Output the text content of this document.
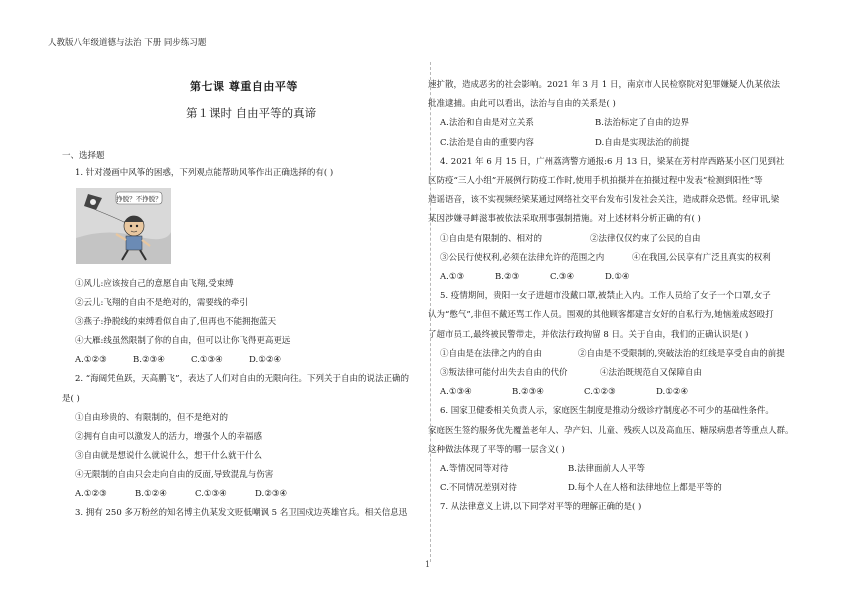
人教版八年级道德与法治 下册 同步练习题
第七课 尊重自由平等
第１课时 自由平等的真谛
一、选择题
1. 针对漫画中风筝的困惑，下列观点能帮助风筝作出正确选择的有( )
挣脱？不挣脱？

①风儿:应该按自己的意愿自由飞翔,受束缚

②云儿:飞翔的自由不是绝对的，需要线的牵引

③燕子:挣脱线的束缚看似自由了,但再也不能拥抱蓝天

④大雁:线虽然限制了你的自由，但可以让你飞得更高更远

A.①②③	B.②③④	C.①③④	D.①②④

2. “海阔凭鱼跃，天高鹏飞”，表达了人们对自由的无限向往。下列关于自由的说法正确的

是( )

①自由珍贵的、有限制的，但不是绝对的

②拥有自由可以激发人的活力，增强个人的幸福感

③自由就是想说什么就说什么，想干什么就干什么

④无限制的自由只会走向自由的反面,导致混乱与伤害

A.①②③	B.①②④	C.①③④	D.②③④

3. 拥有 250 多万粉丝的知名博主仇某发文贬低嘲讽 5 名卫国戍边英雄官兵。相关信息迅

速扩散，造成恶劣的社会影响。2021 年 3 月 1 日，南京市人民检察院对犯罪嫌疑人仇某依法

批准逮捕。由此可以看出，法治与自由的关系是( )

A.法治和自由是对立关系	B.法治标定了自由的边界

C.法治是自由的重要内容	D.自由是实现法治的前提

4. 2021 年 6 月 15 日，广州荔湾警方通报:6 月 13 日，梁某在芳村岸西路某小区门见到社

区防疫“三人小组”开展例行防疫工作时,使用手机拍摄并在拍摄过程中发表“检测到阳性”等

造谣语音，该不实视频经梁某通过网络社交平台发布引发社会关注，造成群众恐慌。经审讯,梁

某因涉嫌寻衅滋事被依法采取刑事强制措施。对上述材料分析正确的有( )

①自由是有限制的、相对的	②法律仅仅约束了公民的自由

③公民行使权利,必须在法律允许的范围之内	④在我国,公民享有广泛且真实的权利

A.①③	B.②③	C.③④	D.①④

5. 疫情期间，贵阳一女子进超市没戴口罩,被禁止入内。工作人员给了女子一个口罩,女子

认为“憋气”,非但不戴还骂工作人员。围观的其他顾客都建言女好的自私行为,她恼羞成怒殴打

了超市员工,最终被民警带走，并依法行政拘留 8 日。关于自由，我们的正确认识是( )

①自由是在法律之内的自由	②自由是不受限制的,突破法治的红线是享受自由的前提

③叛法律可能付出失去自由的代价	④法治既规范自又保障自由

A.①③④	B.②③④	C.①②③	D.①②④

6. 国家卫健委相关负责人示，家庭医生制度是推动分级诊疗制度必不可少的基础性条件。

家庭医生签约服务优先覆盖老年人、孕产妇、儿童、残疾人以及高血压、糖尿病患者等重点人群。

这种做法体现了平等的哪一层含义( )

A.等情况同等对待	B.法律面前人人平等

C.不同情况差别对待	D.每个人在人格和法律地位上都是平等的

7. 从法律意义上讲,以下同学对平等的理解正确的是( )

1
